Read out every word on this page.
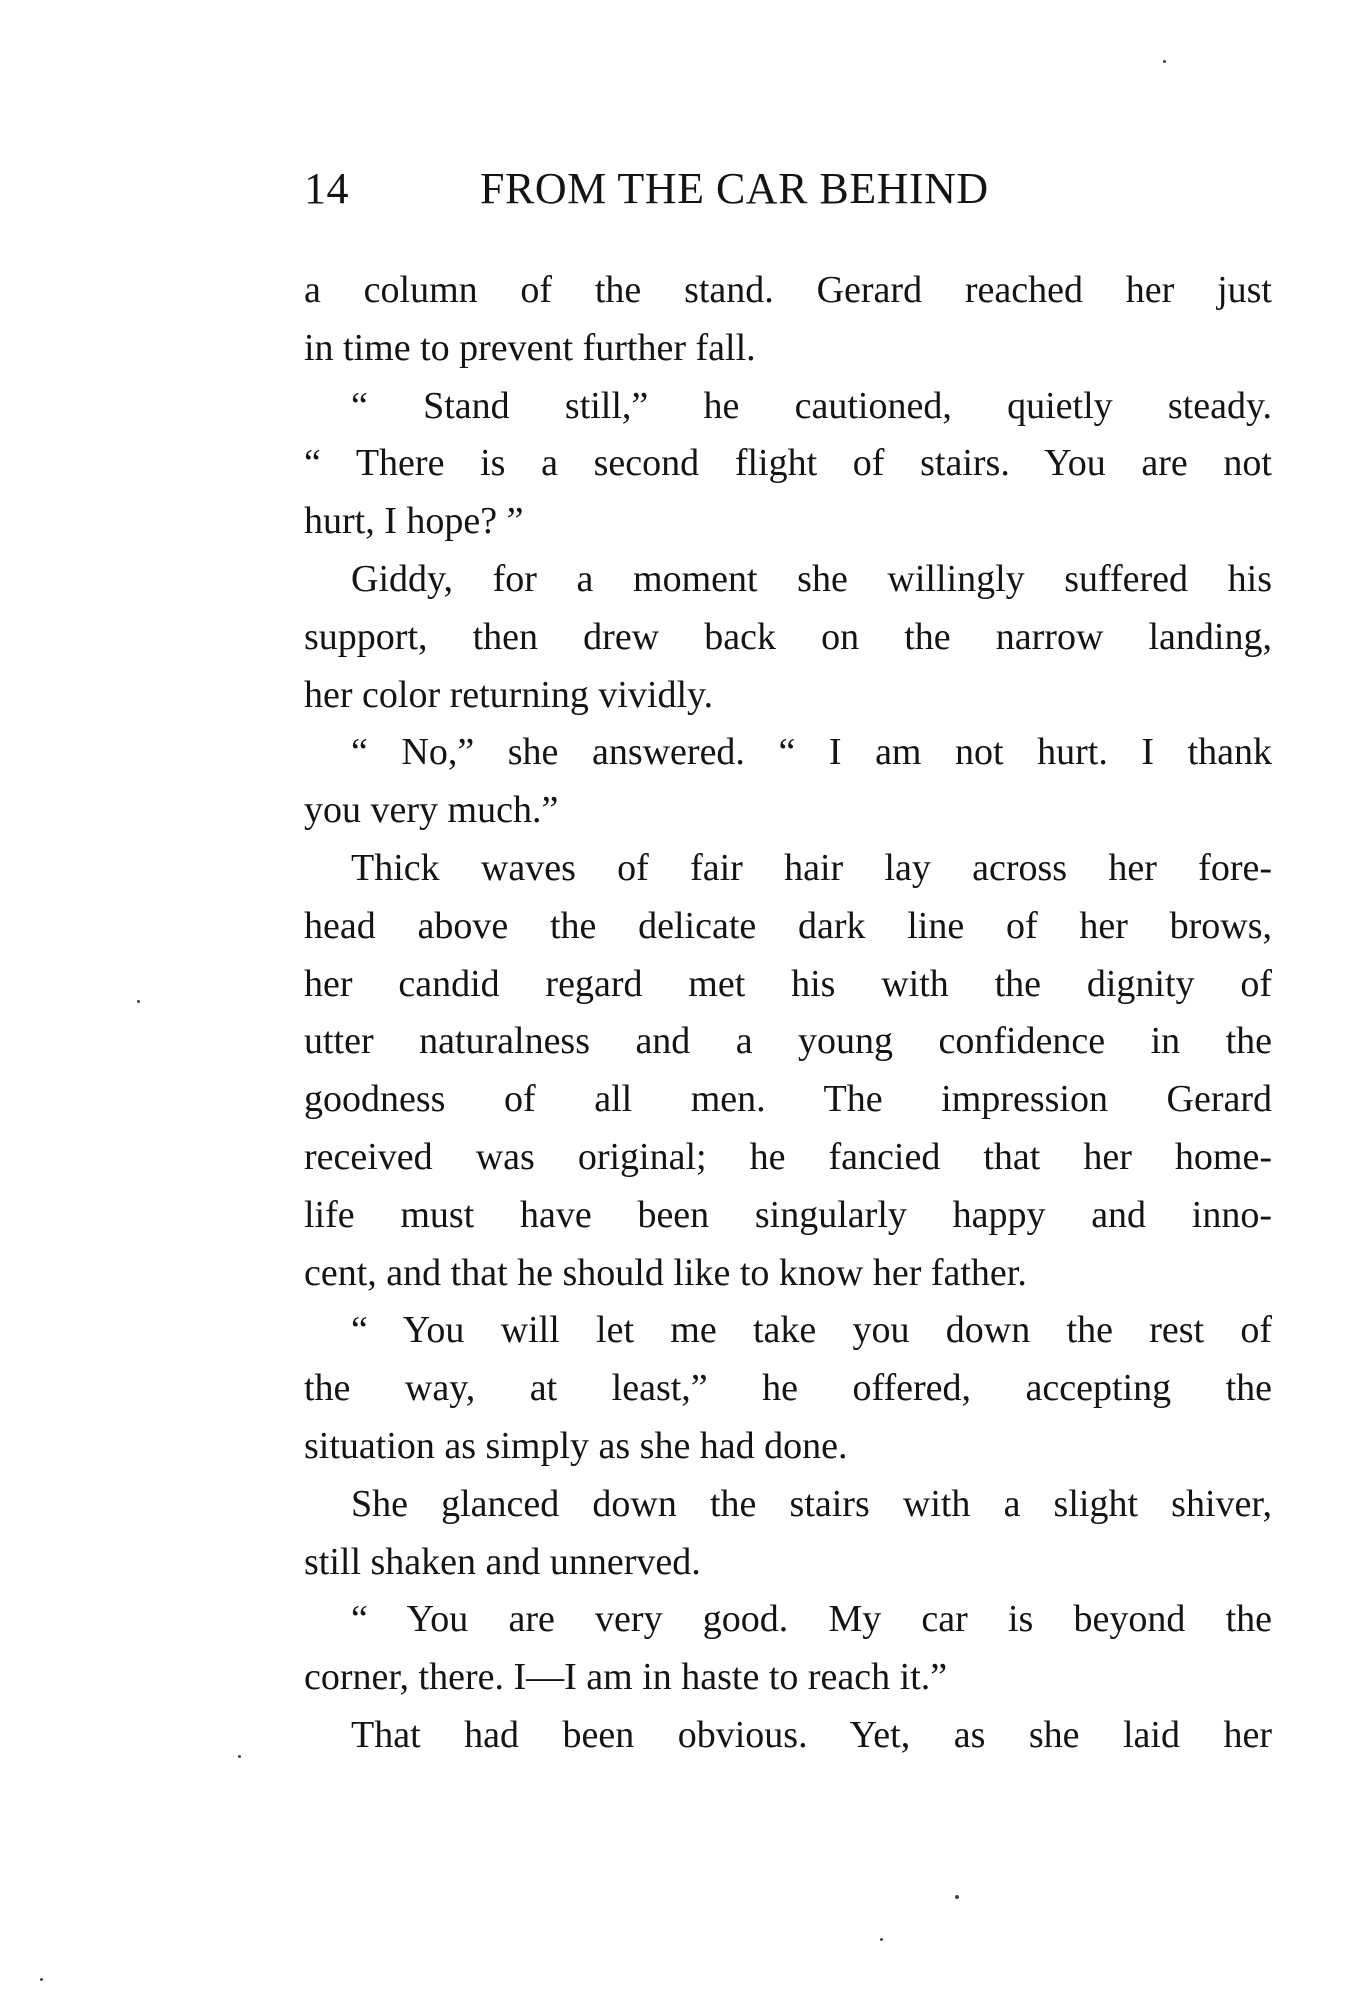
14	FROM THE CAR BEHIND
a column of the stand. Gerard reached her just
in time to prevent further fall.
“ Stand still,” he cautioned, quietly steady.
“ There is a second flight of stairs. You are not
hurt, I hope? ”
Giddy, for a moment she willingly suffered his
support, then drew back on the narrow landing,
her color returning vividly.
“ No,” she answered. “ I am not hurt. I thank
you very much.”
Thick waves of fair hair lay across her fore-
head above the delicate dark line of her brows,
her candid regard met his with the dignity of
utter naturalness and a young confidence in the
goodness of all men. The impression Gerard
received was original; he fancied that her home-
life must have been singularly happy and inno-
cent, and that he should like to know her father.
“ You will let me take you down the rest of
the way, at least,” he offered, accepting the
situation as simply as she had done.
She glanced down the stairs with a slight shiver,
still shaken and unnerved.
“ You are very good. My car is beyond the
corner, there. I—I am in haste to reach it.”
That had been obvious. Yet, as she laid her
